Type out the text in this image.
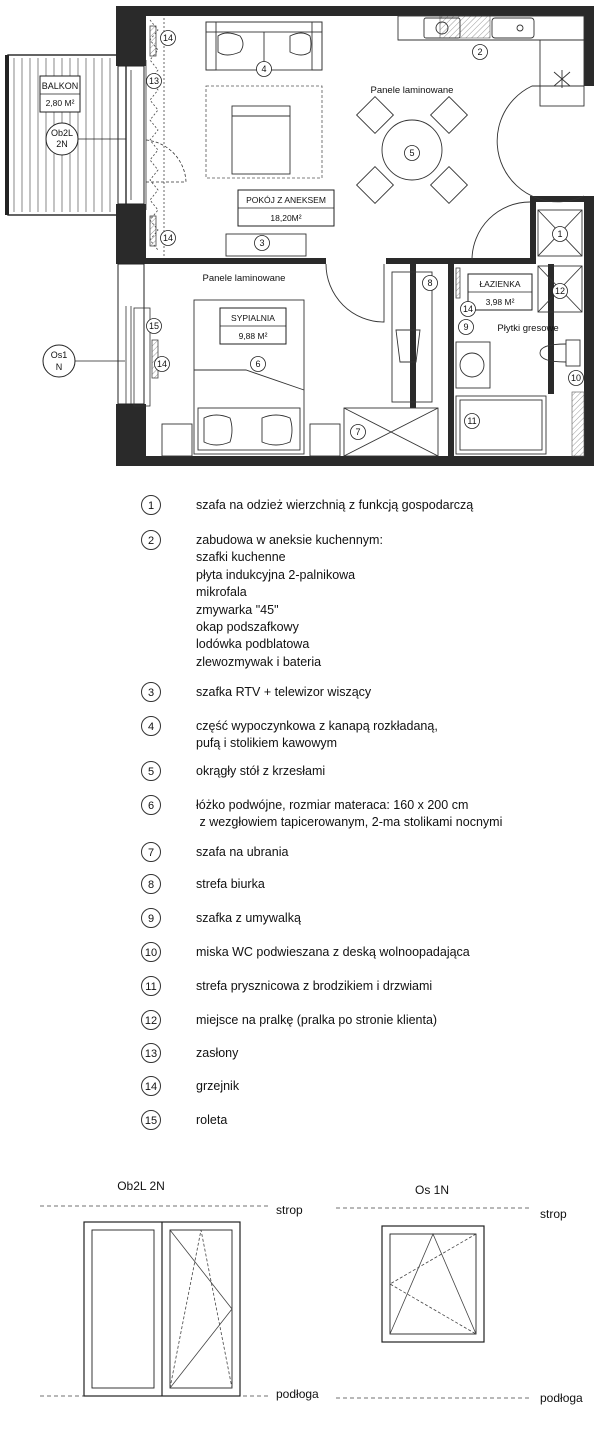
BALKON
2,80 M²
Ob2L
2N
Os1
N
POKÓJ Z ANEKSEM
18,20M²
Panele laminowane
Panele laminowane
SYPIALNIA
9,88 M²
ŁAZIENKA
3,98 M²
Płytki gresowe
14
13
4
2
5
14	3
1
8
12
14
9
15
14	6
10
7
11
Ob2L 2N
strop
podłoga
Os 1N
strop
podłoga
1	szafa na odzież wierzchnią z funkcją gospodarczą
2	zabudowa w aneksie kuchennym:
szafki kuchenne
płyta indukcyjna 2-palnikowa
mikrofala
zmywarka "45"
okap podszafkowy
lodówka podblatowa
zlewozmywak i bateria
3	szafka RTV + telewizor wiszący
4	część wypoczynkowa z kanapą rozkładaną,
pufą i stolikiem kawowym
5	okrągły stół z krzesłami
6	łóżko podwójne, rozmiar materaca: 160 x 200 cm
z wezgłowiem tapicerowanym, 2-ma stolikami nocnymi
7	szafa na ubrania
8	strefa biurka
9	szafka z umywalką
10	miska WC podwieszana z deską wolnoopadająca
11	strefa prysznicowa z brodzikiem i drzwiami
12	miejsce na pralkę (pralka po stronie klienta)
13	zasłony
14	grzejnik
15	roleta
